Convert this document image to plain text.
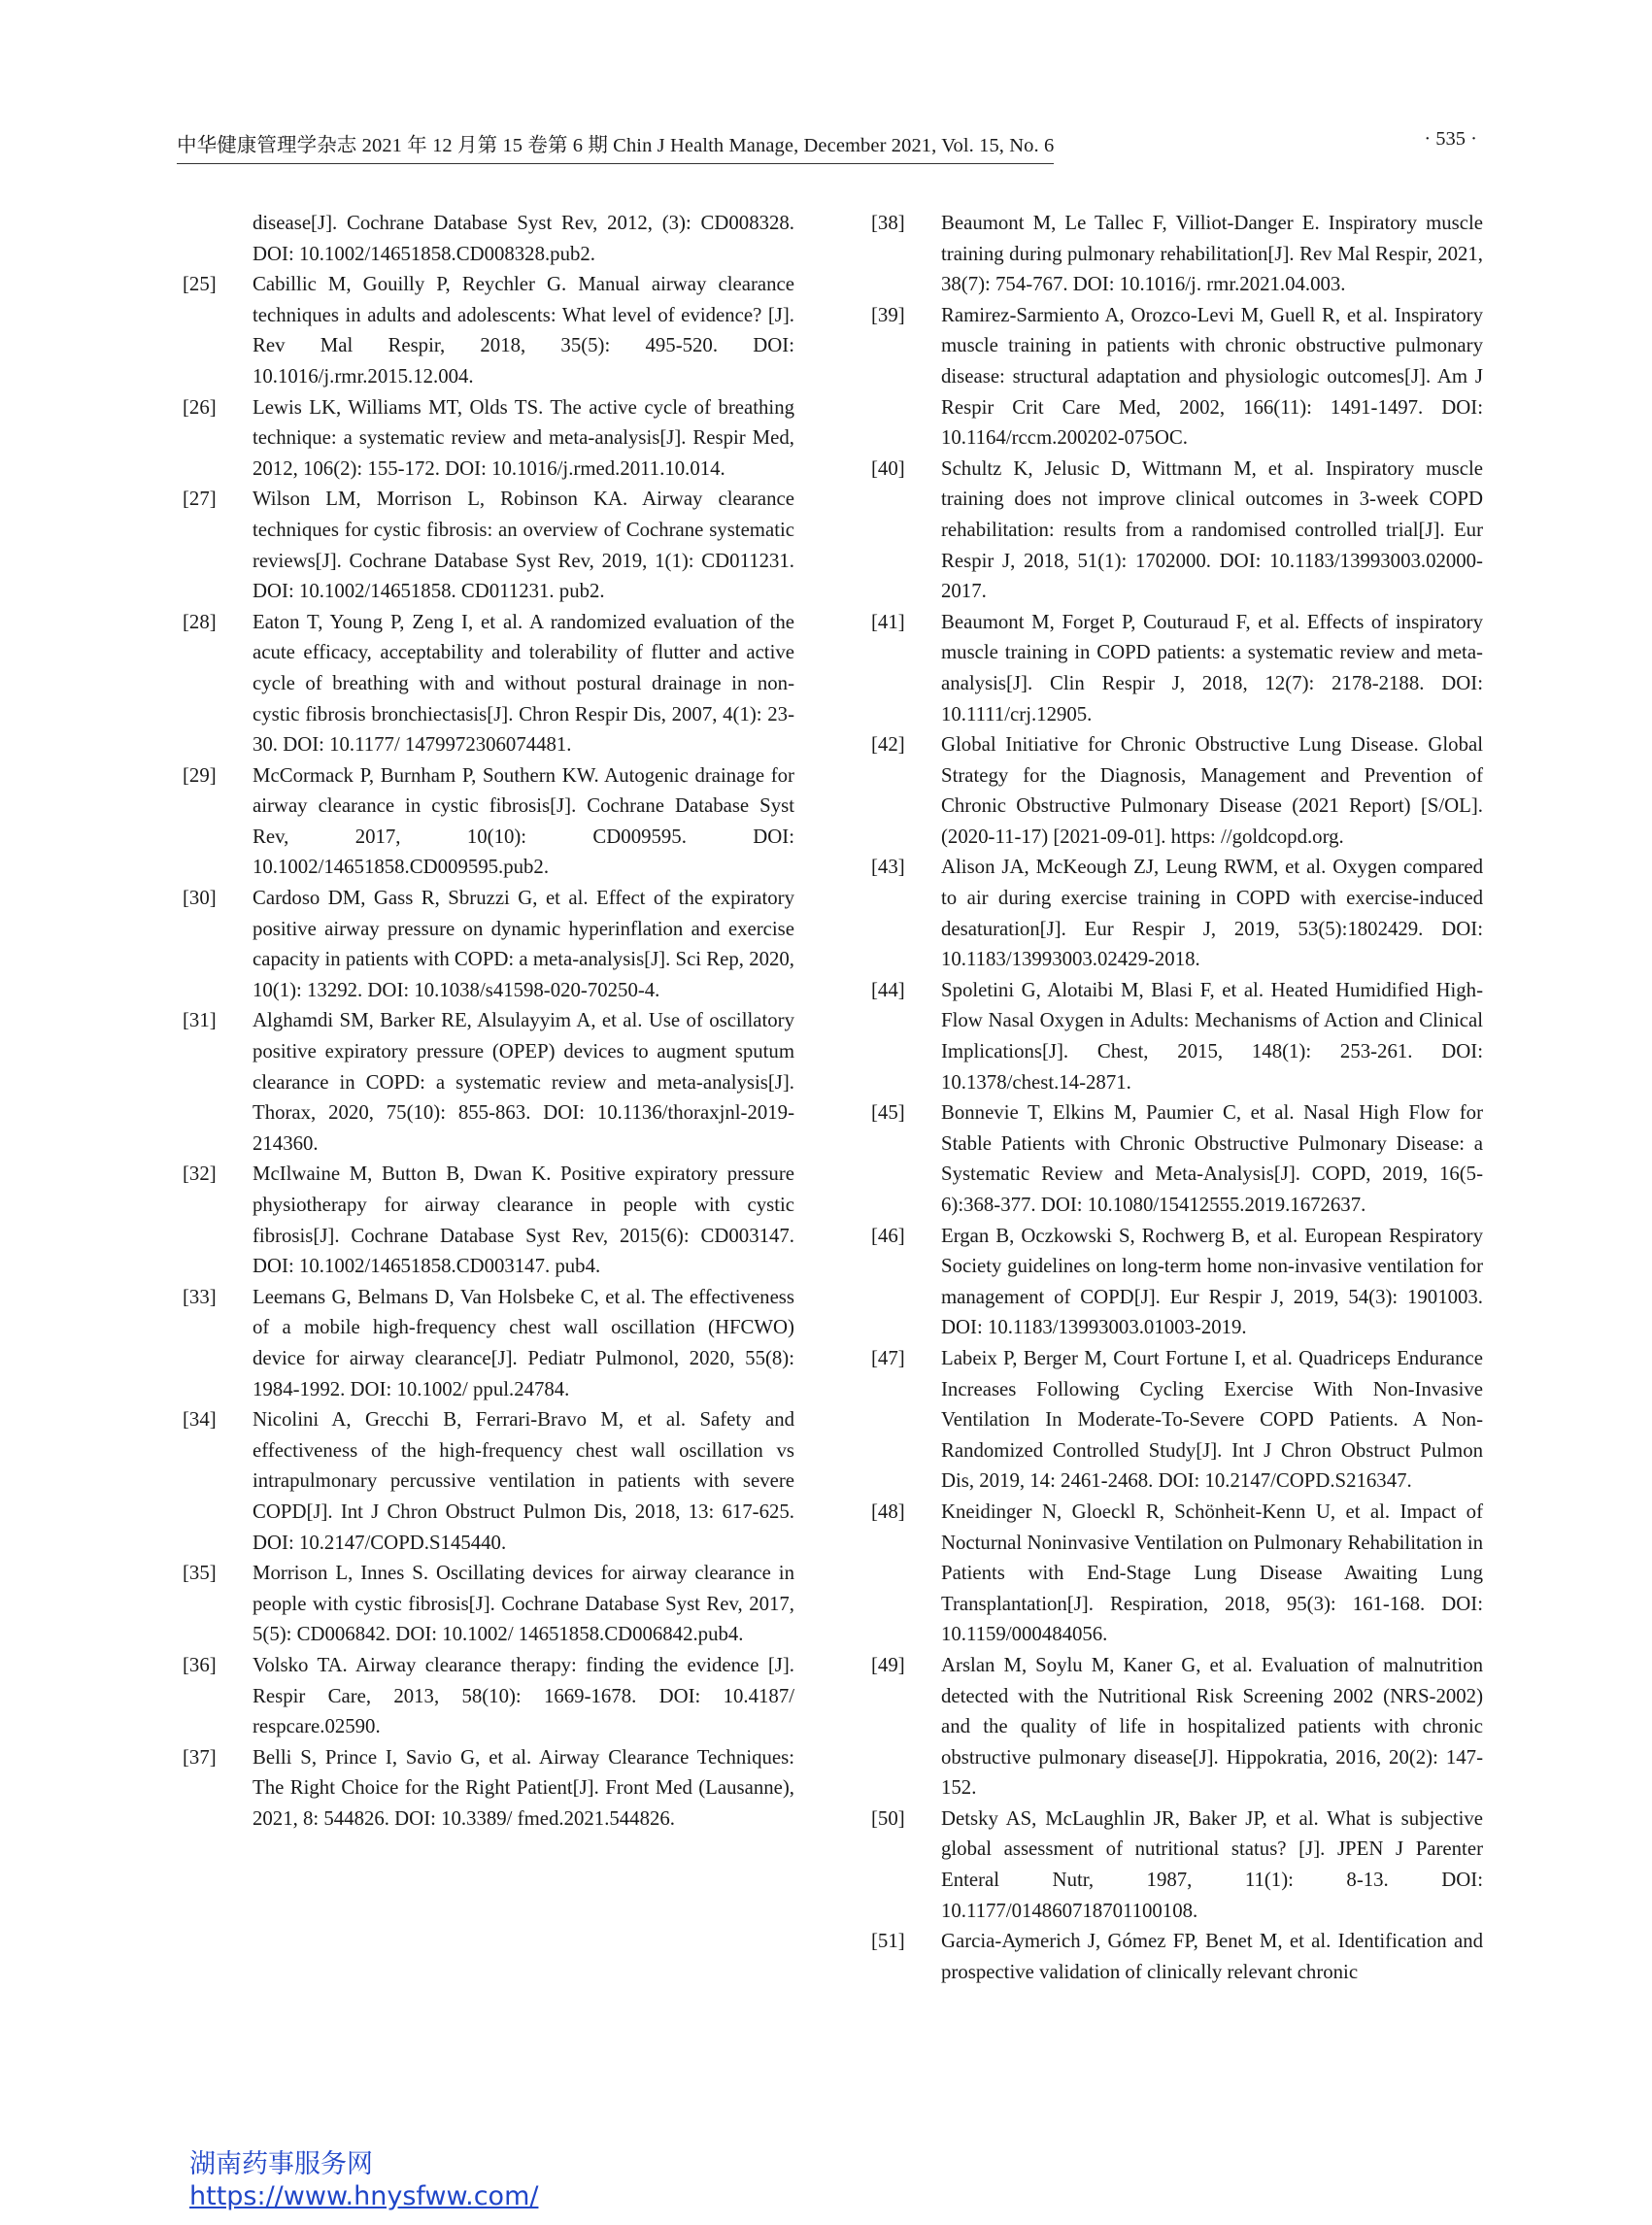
中华健康管理学杂志 2021 年 12 月第 15 卷第 6 期 Chin J Health Manage, December 2021, Vol. 15, No. 6	· 535 ·
disease[J]. Cochrane Database Syst Rev, 2012, (3): CD008328. DOI: 10.1002/14651858.CD008328.pub2.
[25] Cabillic M, Gouilly P, Reychler G. Manual airway clearance techniques in adults and adolescents: What level of evidence? [J]. Rev Mal Respir, 2018, 35(5): 495-520. DOI: 10.1016/j.rmr.2015.12.004.
[26] Lewis LK, Williams MT, Olds TS. The active cycle of breathing technique: a systematic review and meta-analysis[J]. Respir Med, 2012, 106(2): 155-172. DOI: 10.1016/j.rmed.2011.10.014.
[27] Wilson LM, Morrison L, Robinson KA. Airway clearance techniques for cystic fibrosis: an overview of Cochrane systematic reviews[J]. Cochrane Database Syst Rev, 2019, 1(1): CD011231. DOI: 10.1002/14651858. CD011231. pub2.
[28] Eaton T, Young P, Zeng I, et al. A randomized evaluation of the acute efficacy, acceptability and tolerability of flutter and active cycle of breathing with and without postural drainage in non-cystic fibrosis bronchiectasis[J]. Chron Respir Dis, 2007, 4(1): 23-30. DOI: 10.1177/ 1479972306074481.
[29] McCormack P, Burnham P, Southern KW. Autogenic drainage for airway clearance in cystic fibrosis[J]. Cochrane Database Syst Rev, 2017, 10(10): CD009595. DOI: 10.1002/14651858.CD009595.pub2.
[30] Cardoso DM, Gass R, Sbruzzi G, et al. Effect of the expiratory positive airway pressure on dynamic hyperinflation and exercise capacity in patients with COPD: a meta-analysis[J]. Sci Rep, 2020, 10(1): 13292. DOI: 10.1038/s41598-020-70250-4.
[31] Alghamdi SM, Barker RE, Alsulayyim A, et al. Use of oscillatory positive expiratory pressure (OPEP) devices to augment sputum clearance in COPD: a systematic review and meta-analysis[J]. Thorax, 2020, 75(10): 855-863. DOI: 10.1136/thoraxjnl-2019-214360.
[32] McIlwaine M, Button B, Dwan K. Positive expiratory pressure physiotherapy for airway clearance in people with cystic fibrosis[J]. Cochrane Database Syst Rev, 2015(6): CD003147. DOI: 10.1002/14651858.CD003147. pub4.
[33] Leemans G, Belmans D, Van Holsbeke C, et al. The effectiveness of a mobile high-frequency chest wall oscillation (HFCWO) device for airway clearance[J]. Pediatr Pulmonol, 2020, 55(8): 1984-1992. DOI: 10.1002/ ppul.24784.
[34] Nicolini A, Grecchi B, Ferrari-Bravo M, et al. Safety and effectiveness of the high-frequency chest wall oscillation vs intrapulmonary percussive ventilation in patients with severe COPD[J]. Int J Chron Obstruct Pulmon Dis, 2018, 13: 617-625. DOI: 10.2147/COPD.S145440.
[35] Morrison L, Innes S. Oscillating devices for airway clearance in people with cystic fibrosis[J]. Cochrane Database Syst Rev, 2017, 5(5): CD006842. DOI: 10.1002/ 14651858.CD006842.pub4.
[36] Volsko TA. Airway clearance therapy: finding the evidence [J]. Respir Care, 2013, 58(10): 1669-1678. DOI: 10.4187/ respcare.02590.
[37] Belli S, Prince I, Savio G, et al. Airway Clearance Techniques: The Right Choice for the Right Patient[J]. Front Med (Lausanne), 2021, 8: 544826. DOI: 10.3389/ fmed.2021.544826.
[38] Beaumont M, Le Tallec F, Villiot-Danger E. Inspiratory muscle training during pulmonary rehabilitation[J]. Rev Mal Respir, 2021, 38(7): 754-767. DOI: 10.1016/j. rmr.2021.04.003.
[39] Ramirez-Sarmiento A, Orozco-Levi M, Guell R, et al. Inspiratory muscle training in patients with chronic obstructive pulmonary disease: structural adaptation and physiologic outcomes[J]. Am J Respir Crit Care Med, 2002, 166(11): 1491-1497. DOI: 10.1164/rccm.200202-075OC.
[40] Schultz K, Jelusic D, Wittmann M, et al. Inspiratory muscle training does not improve clinical outcomes in 3-week COPD rehabilitation: results from a randomised controlled trial[J]. Eur Respir J, 2018, 51(1): 1702000. DOI: 10.1183/13993003.02000-2017.
[41] Beaumont M, Forget P, Couturaud F, et al. Effects of inspiratory muscle training in COPD patients: a systematic review and meta-analysis[J]. Clin Respir J, 2018, 12(7): 2178-2188. DOI: 10.1111/crj.12905.
[42] Global Initiative for Chronic Obstructive Lung Disease. Global Strategy for the Diagnosis, Management and Prevention of Chronic Obstructive Pulmonary Disease (2021 Report) [S/OL]. (2020-11-17) [2021-09-01]. https: //goldcopd.org.
[43] Alison JA, McKeough ZJ, Leung RWM, et al. Oxygen compared to air during exercise training in COPD with exercise-induced desaturation[J]. Eur Respir J, 2019, 53(5):1802429. DOI: 10.1183/13993003.02429-2018.
[44] Spoletini G, Alotaibi M, Blasi F, et al. Heated Humidified High-Flow Nasal Oxygen in Adults: Mechanisms of Action and Clinical Implications[J]. Chest, 2015, 148(1): 253-261. DOI: 10.1378/chest.14-2871.
[45] Bonnevie T, Elkins M, Paumier C, et al. Nasal High Flow for Stable Patients with Chronic Obstructive Pulmonary Disease: a Systematic Review and Meta-Analysis[J]. COPD, 2019, 16(5-6):368-377. DOI: 10.1080/15412555.2019.1672637.
[46] Ergan B, Oczkowski S, Rochwerg B, et al. European Respiratory Society guidelines on long-term home non-invasive ventilation for management of COPD[J]. Eur Respir J, 2019, 54(3): 1901003. DOI: 10.1183/13993003.01003-2019.
[47] Labeix P, Berger M, Court Fortune I, et al. Quadriceps Endurance Increases Following Cycling Exercise With Non-Invasive Ventilation In Moderate-To-Severe COPD Patients. A Non-Randomized Controlled Study[J]. Int J Chron Obstruct Pulmon Dis, 2019, 14: 2461-2468. DOI: 10.2147/COPD.S216347.
[48] Kneidinger N, Gloeckl R, Schönheit-Kenn U, et al. Impact of Nocturnal Noninvasive Ventilation on Pulmonary Rehabilitation in Patients with End-Stage Lung Disease Awaiting Lung Transplantation[J]. Respiration, 2018, 95(3): 161-168. DOI: 10.1159/000484056.
[49] Arslan M, Soylu M, Kaner G, et al. Evaluation of malnutrition detected with the Nutritional Risk Screening 2002 (NRS-2002) and the quality of life in hospitalized patients with chronic obstructive pulmonary disease[J]. Hippokratia, 2016, 20(2): 147-152.
[50] Detsky AS, McLaughlin JR, Baker JP, et al. What is subjective global assessment of nutritional status? [J]. JPEN J Parenter Enteral Nutr, 1987, 11(1): 8-13. DOI: 10.1177/014860718701100108.
[51] Garcia-Aymerich J, Gómez FP, Benet M, et al. Identification and prospective validation of clinically relevant chronic
湖南药事服务网
https://www.hnysfww.com/
